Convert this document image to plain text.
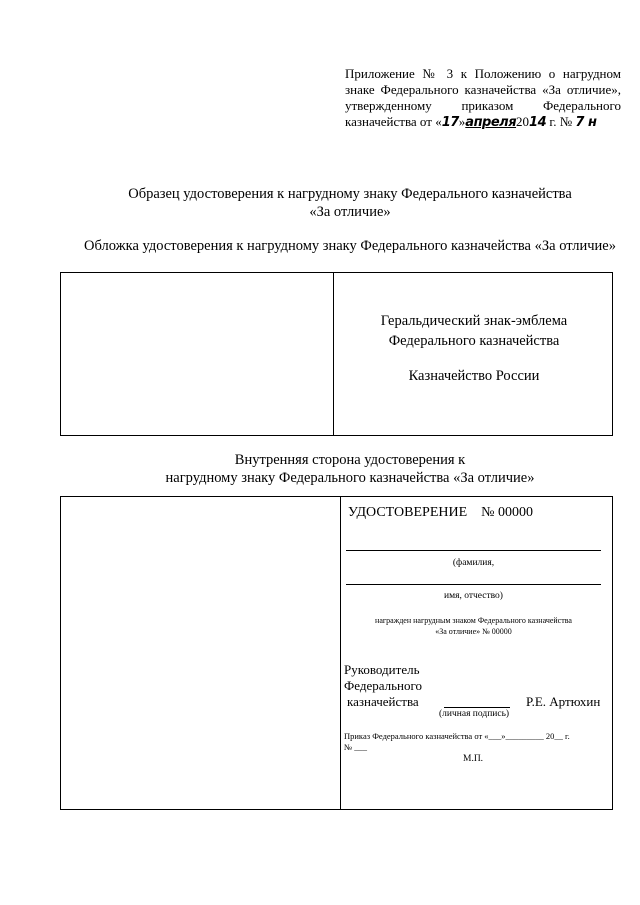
Приложение № 3 к Положению о нагрудном
знаке Федерального казначейства «За отличие»,
утвержденному приказом Федерального
казначейства от «17»апреля2014 г. № 7 н
Образец удостоверения к нагрудному знаку Федерального казначейства
«За отличие»
Обложка удостоверения к нагрудному знаку Федерального казначейства «За отличие»
Геральдический знак-эмблема
Федерального казначейства
Казначейство России
Внутренняя сторона удостоверения к
нагрудному знаку Федерального казначейства «За отличие»
УДОСТОВЕРЕНИЕ № 00000
(фамилия,
имя, отчество)
награжден нагрудным знаком Федерального казначейства
«За отличие» № 00000
Руководитель
Федерального
казначейства	Р.Е. Артюхин
(личная подпись)
Приказ Федерального казначейства от «___»_________ 20__ г.
№ ___
М.П.
